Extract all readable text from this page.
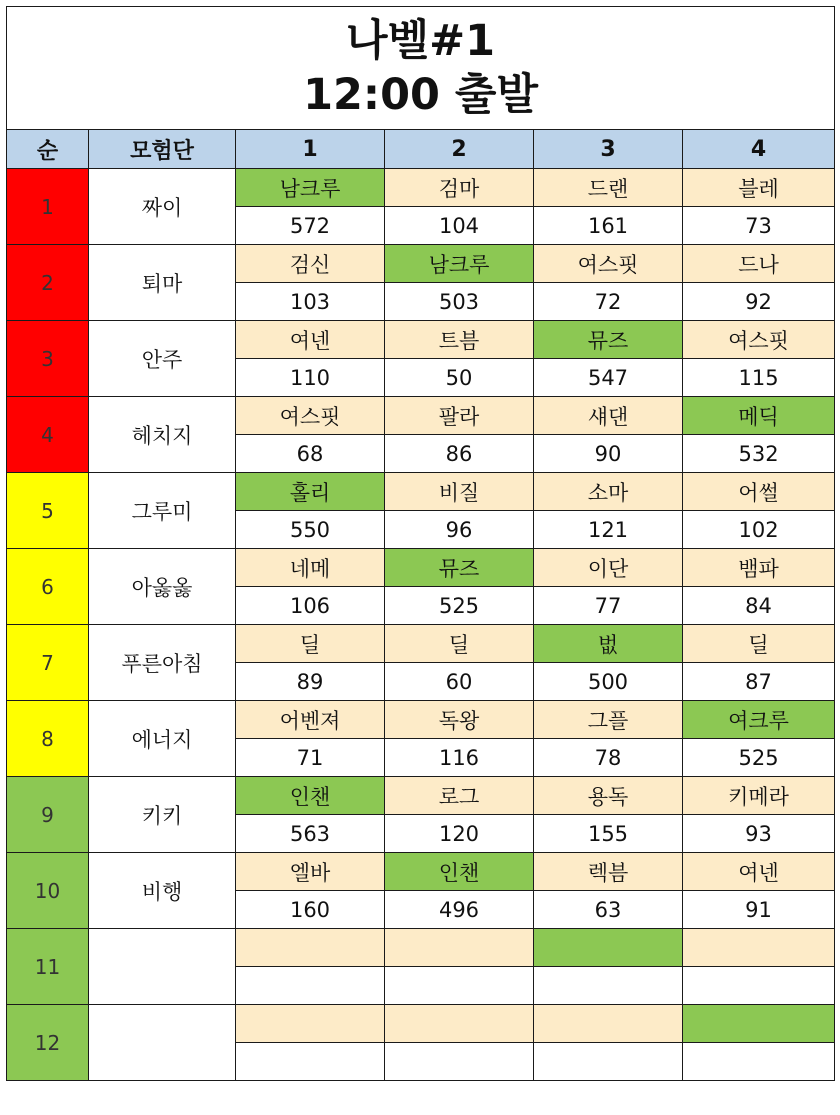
나벨#1
12:00 출발					

순	모험단	1	2	3	4
1	짜이	남크루	검마	드랜	블레
		572	104	161	73
2	퇴마	검신	남크루	여스핏	드나
		103	503	72	92
3	안주	여넨	트븜	뮤즈	여스핏
		110	50	547	115
4	헤치지	여스핏	팔라	섀댄	메딕
		68	86	90	532
5	그루미	홀리	비질	소마	어썰
		550	96	121	102
6	아옳옳	네메	뮤즈	이단	뱀파
		106	525	77	84
7	푸른아침	딜	딜	벖	딜
		89	60	500	87
8	에너지	어벤져	독왕	그플	여크루
		71	116	78	525
9	키키	인챈	로그	용독	키메라
		563	120	155	93
10	비행	엘바	인챈	렉븜	여넨
		160	496	63	91
11					

12					
